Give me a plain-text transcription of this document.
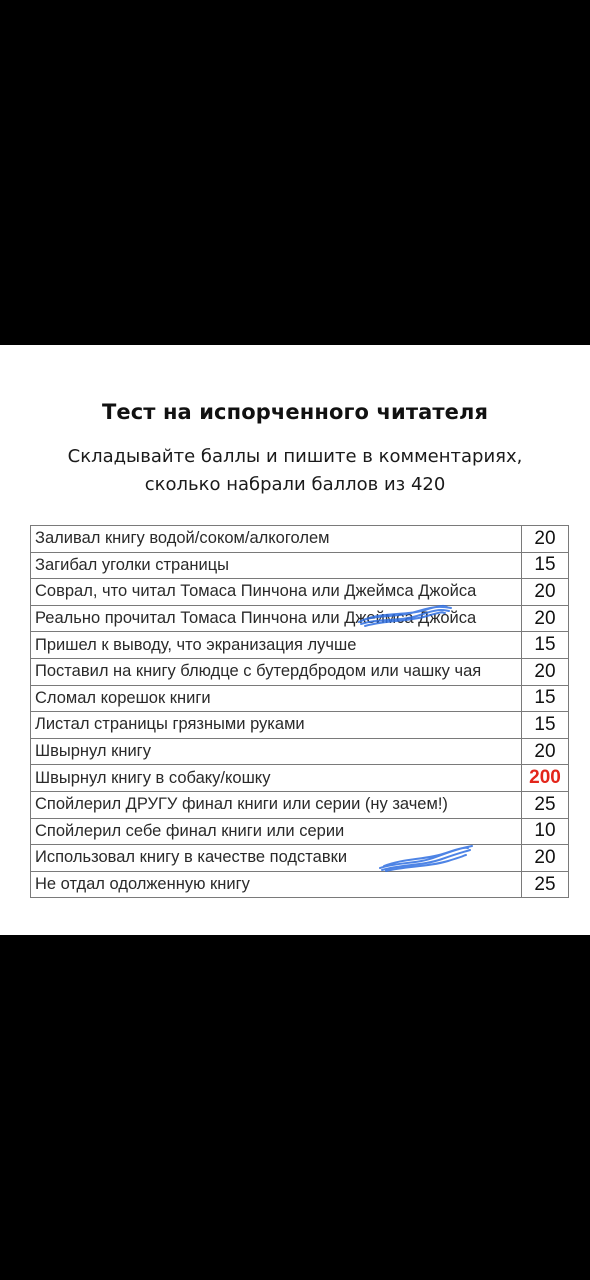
Тест на испорченного читателя
Складывайте баллы и пишите в комментариях, сколько набрали баллов из 420
Заливал книгу водой/соком/алкоголем	20
Загибал уголки страницы	15
Соврал, что читал Томаса Пинчона или Джеймса Джойса	20
Реально прочитал Томаса Пинчона или Джеймса Джойса	20
Пришел к выводу, что экранизация лучше	15
Поставил на книгу блюдце с бутердбродом или чашку чая	20
Сломал корешок книги	15
Листал страницы грязными руками	15
Швырнул книгу	20
Швырнул книгу в собаку/кошку	200
Спойлерил ДРУГУ финал книги или серии (ну зачем!)	25
Спойлерил себе финал книги или серии	10
Использовал книгу в качестве подставки	20
Не отдал одолженную книгу	25
